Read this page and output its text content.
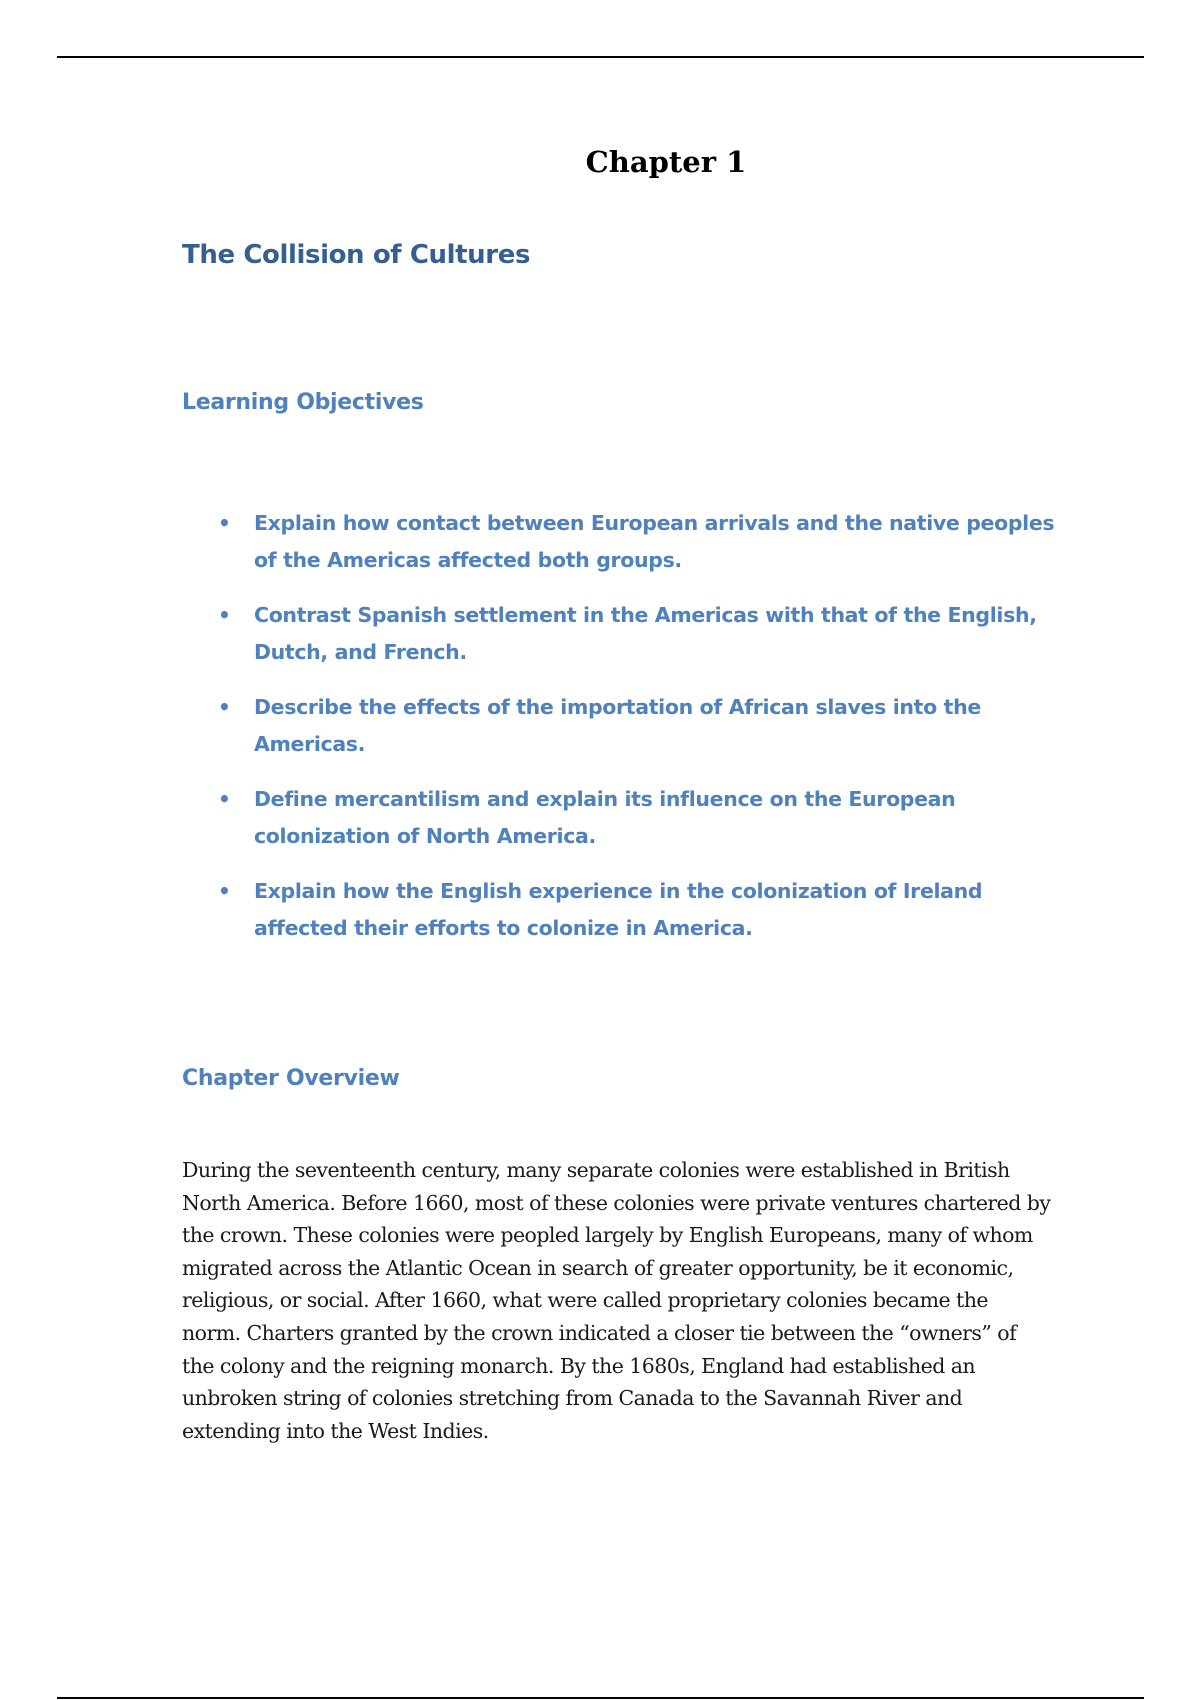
Chapter 1
The Collision of Cultures
Learning Objectives
•	Explain how contact between European arrivals and the native peoples of the Americas affected both groups.
•	Contrast Spanish settlement in the Americas with that of the English, Dutch, and French.
•	Describe the effects of the importation of African slaves into the Americas.
•	Define mercantilism and explain its influence on the European colonization of North America.
•	Explain how the English experience in the colonization of Ireland affected their efforts to colonize in America.
Chapter Overview

During the seventeenth century, many separate colonies were established in British North America. Before 1660, most of these colonies were private ventures chartered by the crown. These colonies were peopled largely by English Europeans, many of whom migrated across the Atlantic Ocean in search of greater opportunity, be it economic, religious, or social. After 1660, what were called proprietary colonies became the norm. Charters granted by the crown indicated a closer tie between the “owners” of the colony and the reigning monarch. By the 1680s, England had established an unbroken string of colonies stretching from Canada to the Savannah River and extending into the West Indies.
